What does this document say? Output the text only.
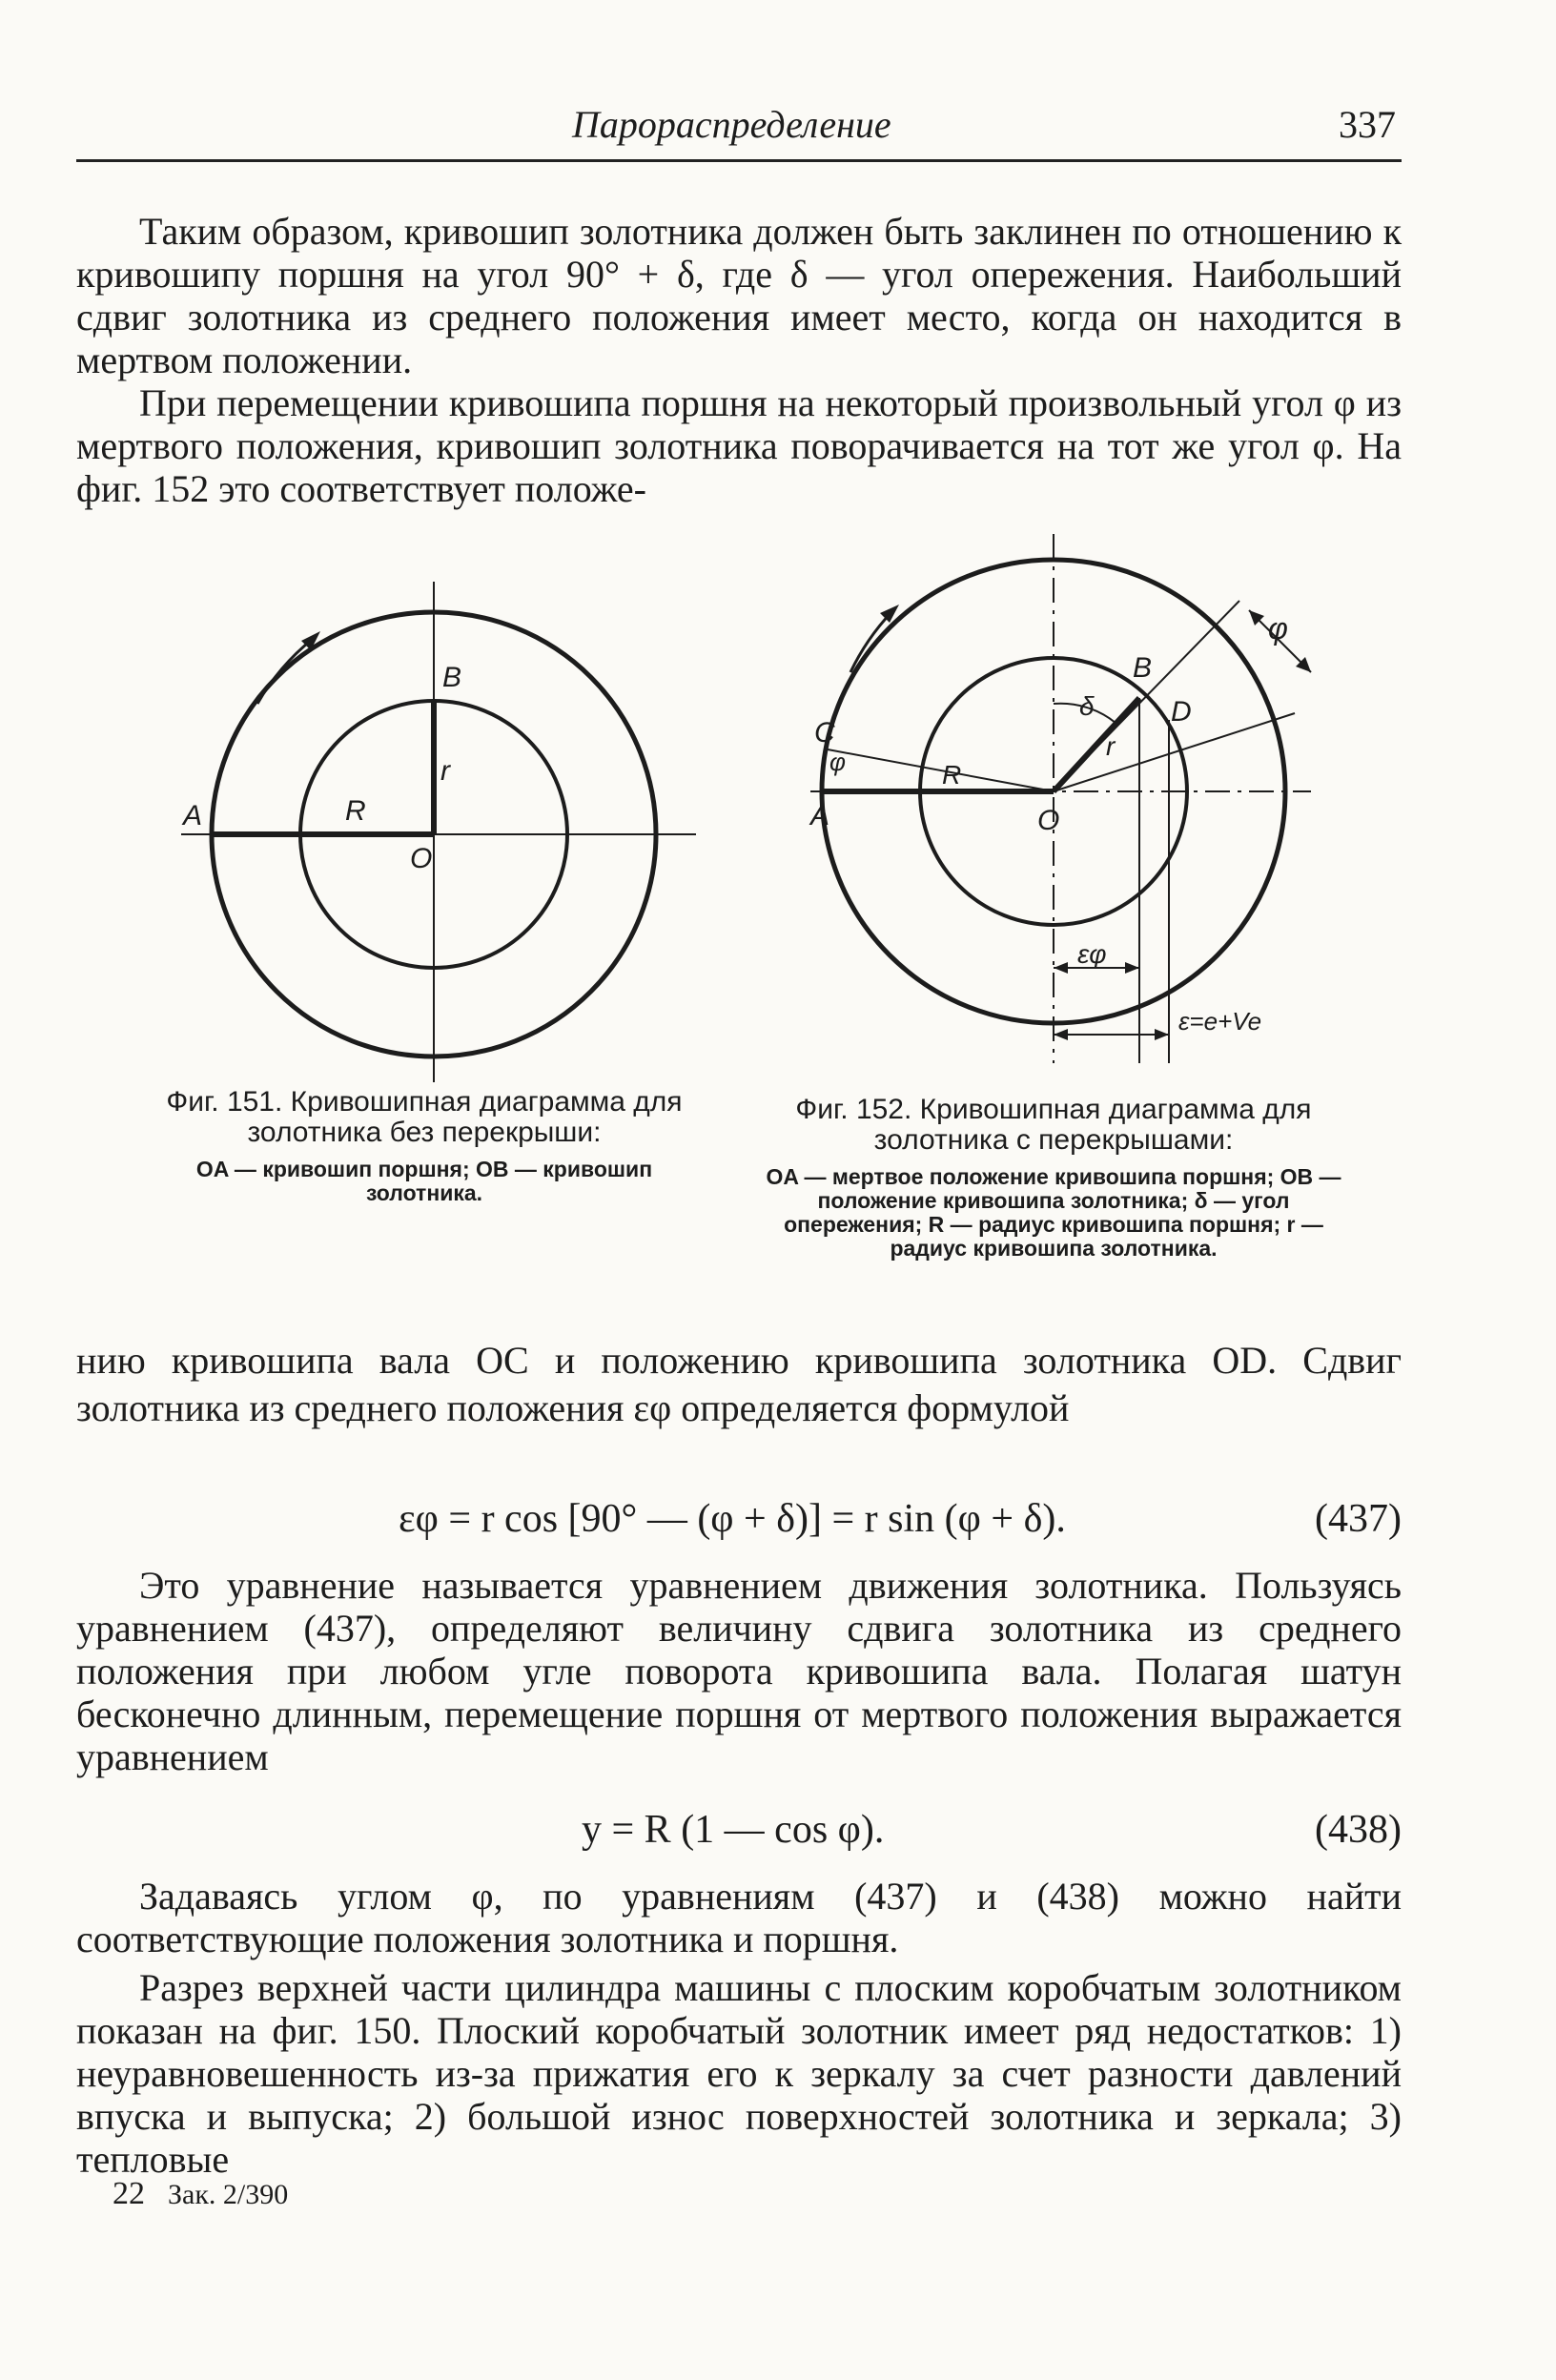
Парораспределение	337

Таким образом, кривошип золотника должен быть заклинен по отношению к кривошипу поршня на угол 90° + δ, где δ — угол опережения. Наибольший сдвиг золотника из среднего положения имеет место, когда он находится в мертвом положении.

При перемещении кривошипа поршня на некоторый произвольный угол φ из мертвого положения, кривошип золотника поворачивается на тот же угол φ. На фиг. 152 это соответствует положе-

A
B
O
r
R
Фиг. 151. Кривошипная диаграмма для золотника без перекрыши:
OA — кривошип поршня; OB — кривошип золотника.
A
B
C
D
O
R
r
φ
φ
δ
εφ
ε=e+Ve
Фиг. 152. Кривошипная диаграмма для золотника с перекрышами:
OA — мертвое положение кривошипа поршня; OB — положение кривошипа золотника; δ — угол опережения; R — радиус кривошипа поршня; r — радиус кривошипа золотника.

нию кривошипа вала OC и положению кривошипа золотника OD. Сдвиг золотника из среднего положения εφ определяется формулой

εφ = r cos [90° — (φ + δ)] = r sin (φ + δ).	(437)

Это уравнение называется уравнением движения золотника. Пользуясь уравнением (437), определяют величину сдвига золотника из среднего положения при любом угле поворота кривошипа вала. Полагая шатун бесконечно длинным, перемещение поршня от мертвого положения выражается уравнением

y = R (1 — cos φ).	(438)

Задаваясь углом φ, по уравнениям (437) и (438) можно найти соответствующие положения золотника и поршня.

Разрез верхней части цилиндра машины с плоским коробчатым золотником показан на фиг. 150. Плоский коробчатый золотник имеет ряд недостатков: 1) неуравновешенность из-за прижатия его к зеркалу за счет разности давлений впуска и выпуска; 2) большой износ поверхностей золотника и зеркала; 3) тепловые

22 Зак. 2/390
